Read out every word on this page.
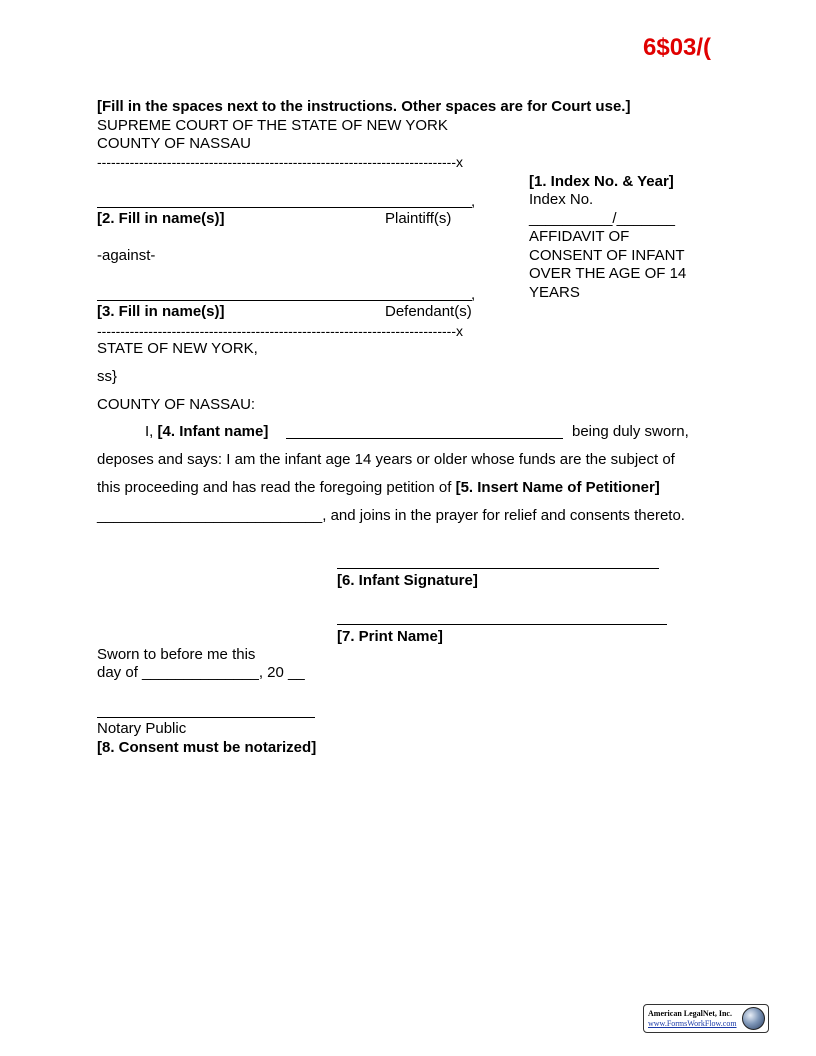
6$03/(
[Fill in the spaces next to the instructions. Other spaces are for Court use.]
SUPREME COURT OF THE STATE OF NEW YORK
COUNTY OF NASSAU
-----------------------------------------------------------------------------x
,
[2. Fill in name(s)]	Plaintiff(s)
-against-
,
[3. Fill in name(s)]	Defendant(s)
-----------------------------------------------------------------------------x
[1. Index No. & Year]
Index No.
__________/_______
AFFIDAVIT OF
CONSENT OF INFANT
OVER THE AGE OF 14
YEARS
STATE OF NEW YORK,
ss}
COUNTY OF NASSAU:
I, [4. Infant name]	being duly sworn,
deposes and says: I am the infant age 14 years or older whose funds are the subject of
this proceeding and has read the foregoing petition of [5. Insert Name of Petitioner]
___________________________, and joins in the prayer for relief and consents thereto.
[6. Infant Signature]
[7. Print Name]
Sworn to before me this
day of ______________, 20 __
Notary Public
[8. Consent must be notarized]
American LegalNet, Inc.
www.FormsWorkFlow.com
